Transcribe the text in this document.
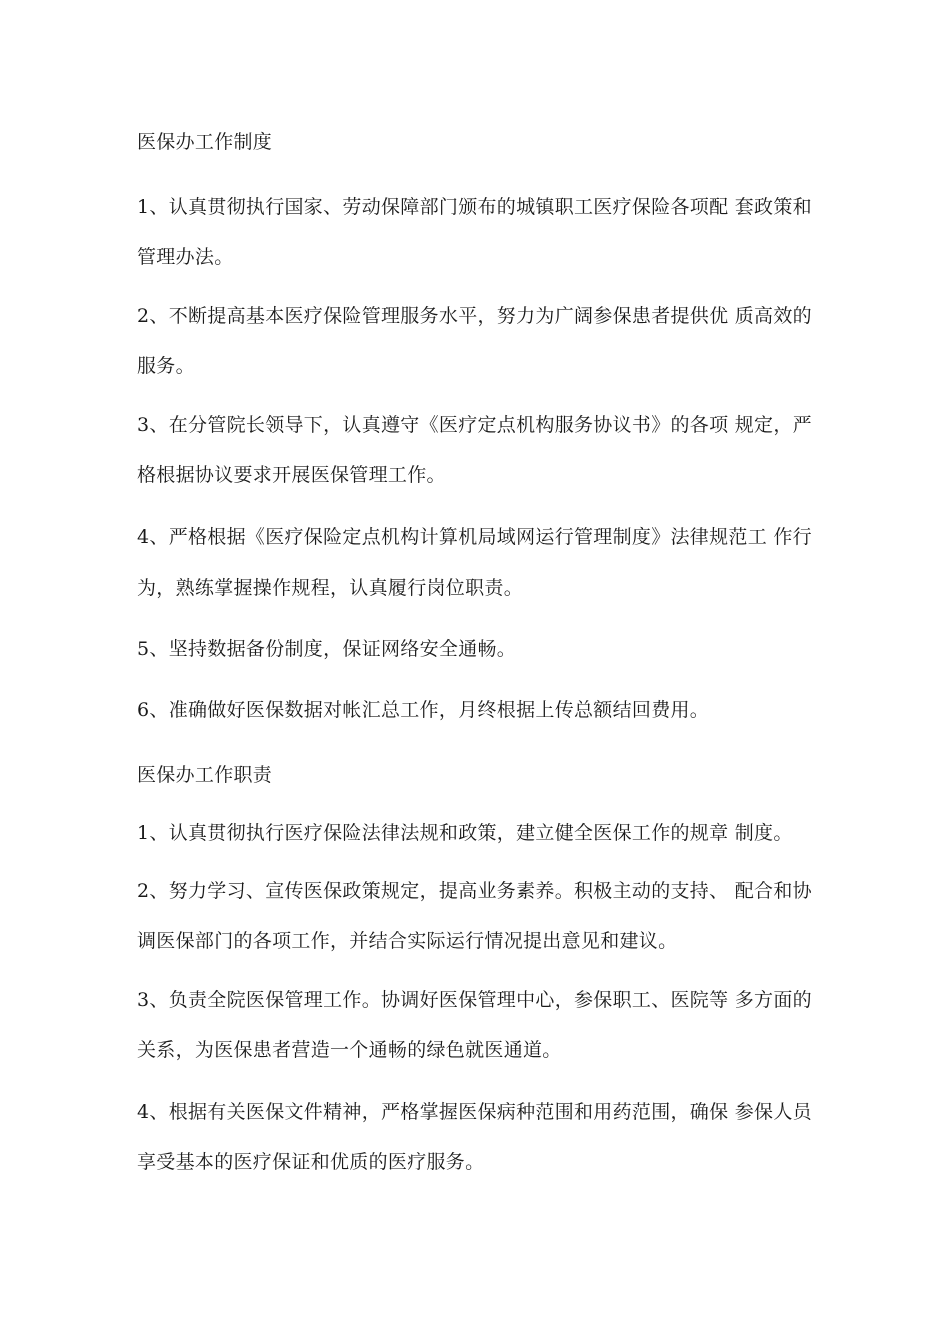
医保办工作制度

1、认真贯彻执行国家、劳动保障部门颁布的城镇职工医疗保险各项配 套政策和

管理办法。

2、不断提高基本医疗保险管理服务水平，努力为广阔参保患者提供优 质高效的

服务。

3、在分管院长领导下，认真遵守《医疗定点机构服务协议书》的各项 规定，严

格根据协议要求开展医保管理工作。

4、严格根据《医疗保险定点机构计算机局域网运行管理制度》法律规范工 作行

为，熟练掌握操作规程，认真履行岗位职责。

5、坚持数据备份制度，保证网络安全通畅。

6、准确做好医保数据对帐汇总工作，月终根据上传总额结回费用。

医保办工作职责

1、认真贯彻执行医疗保险法律法规和政策，建立健全医保工作的规章 制度。

2、努力学习、宣传医保政策规定，提高业务素养。积极主动的支持、 配合和协

调医保部门的各项工作，并结合实际运行情况提出意见和建议。

3、负责全院医保管理工作。协调好医保管理中心，参保职工、医院等 多方面的

关系，为医保患者营造一个通畅的绿色就医通道。

4、根据有关医保文件精神，严格掌握医保病种范围和用药范围，确保 参保人员

享受基本的医疗保证和优质的医疗服务。
